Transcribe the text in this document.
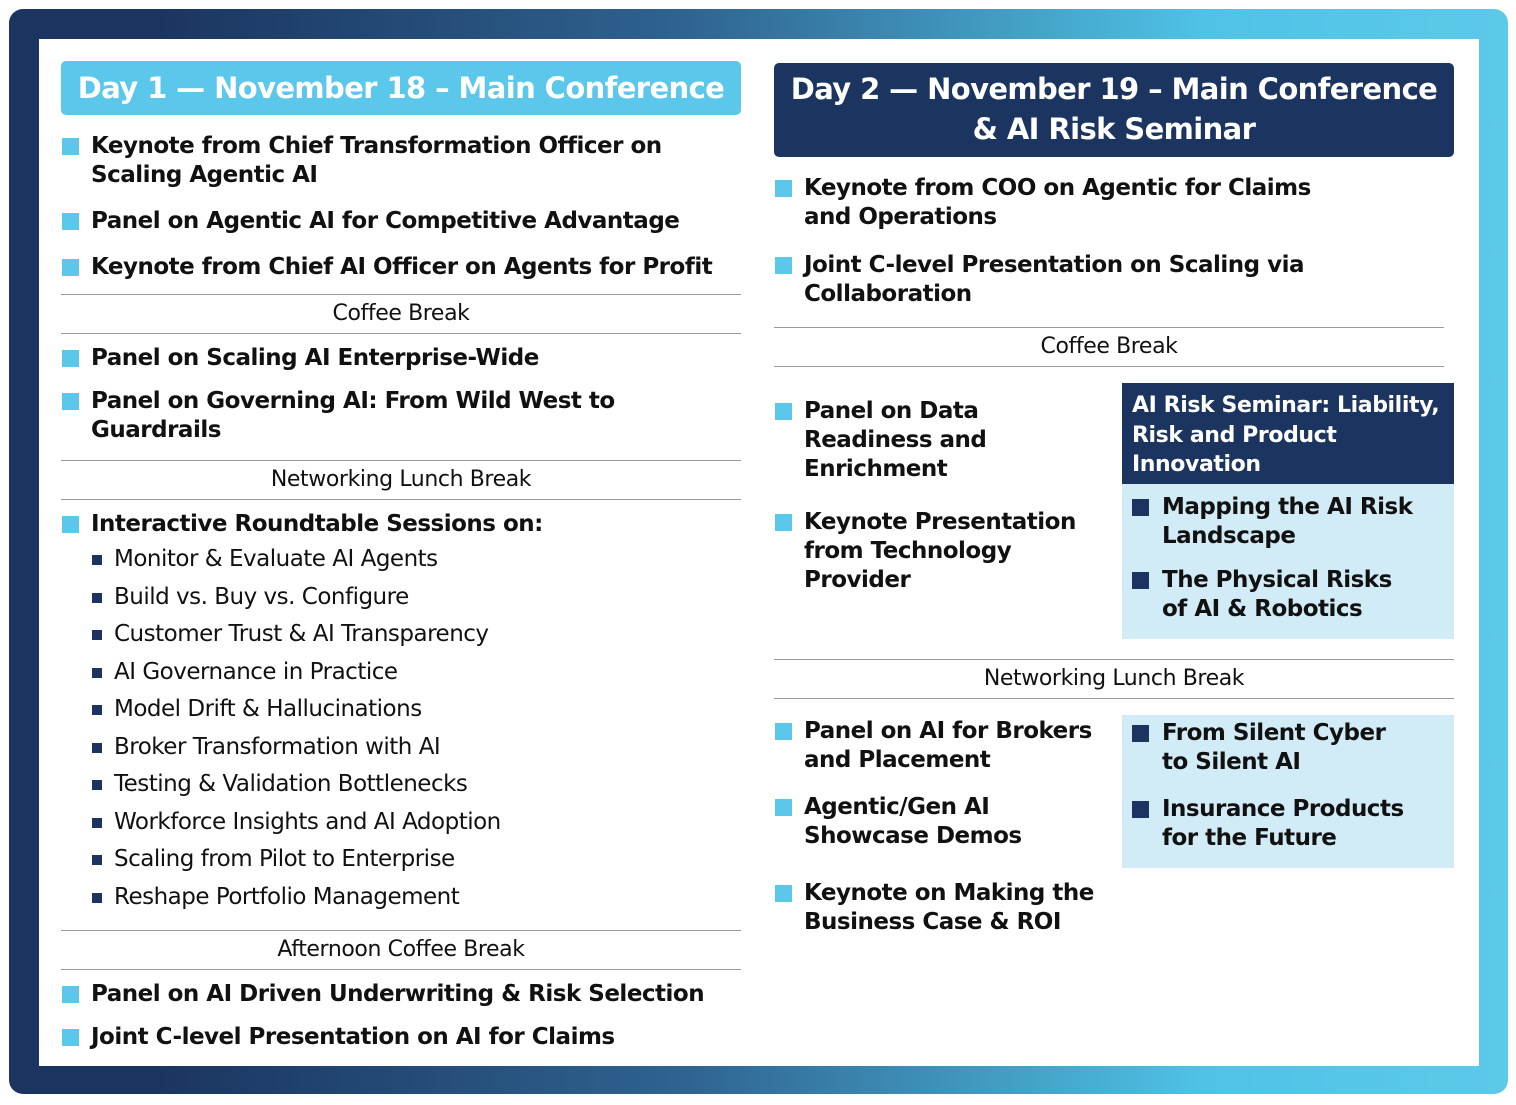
Day 1 — November 18 – Main Conference
Keynote from Chief Transformation Officer on
Scaling Agentic AI
Panel on Agentic AI for Competitive Advantage
Keynote from Chief AI Officer on Agents for Profit
Coffee Break
Panel on Scaling AI Enterprise-Wide
Panel on Governing AI: From Wild West to Guardrails
Networking Lunch Break
Interactive Roundtable Sessions on:
Monitor & Evaluate AI Agents
Build vs. Buy vs. Configure
Customer Trust & AI Transparency
AI Governance in Practice
Model Drift & Hallucinations
Broker Transformation with AI
Testing & Validation Bottlenecks
Workforce Insights and AI Adoption
Scaling from Pilot to Enterprise
Reshape Portfolio Management
Afternoon Coffee Break
Panel on AI Driven Underwriting & Risk Selection
Joint C-level Presentation on AI for Claims
Day 2 — November 19 – Main Conference
& AI Risk Seminar
Keynote from COO on Agentic for Claims
and Operations
Joint C-level Presentation on Scaling via
Collaboration
Coffee Break
Panel on Data
Readiness and
Enrichment
Keynote Presentation
from Technology
Provider
AI Risk Seminar: Liability,
Risk and Product
Innovation
Mapping the AI Risk
Landscape
The Physical Risks
of AI & Robotics
Networking Lunch Break
Panel on AI for Brokers
and Placement
Agentic/Gen AI
Showcase Demos
Keynote on Making the
Business Case & ROI
From Silent Cyber
to Silent AI
Insurance Products
for the Future
